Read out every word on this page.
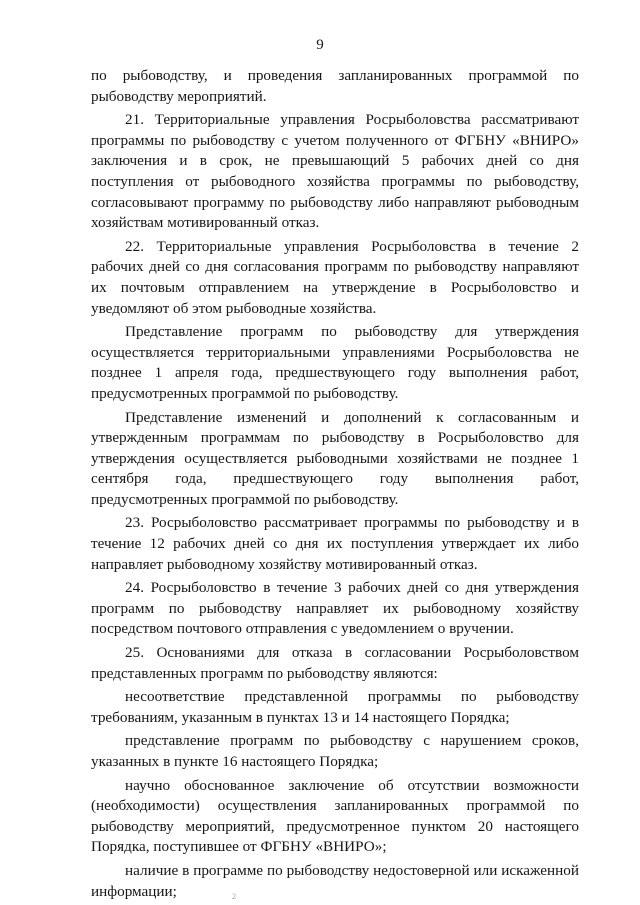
9

по рыбоводству, и проведения запланированных программой по рыбоводству мероприятий.

21. Территориальные управления Росрыболовства рассматривают программы по рыбоводству с учетом полученного от ФГБНУ «ВНИРО» заключения и в срок, не превышающий 5 рабочих дней со дня поступления от рыбоводного хозяйства программы по рыбоводству, согласовывают программу по рыбоводству либо направляют рыбоводным хозяйствам мотивированный отказ.

22. Территориальные управления Росрыболовства в течение 2 рабочих дней со дня согласования программ по рыбоводству направляют их почтовым отправлением на утверждение в Росрыболовство и уведомляют об этом рыбоводные хозяйства.

Представление программ по рыбоводству для утверждения осуществляется территориальными управлениями Росрыболовства не позднее 1 апреля года, предшествующего году выполнения работ, предусмотренных программой по рыбоводству.

Представление изменений и дополнений к согласованным и утвержденным программам по рыбоводству в Росрыболовство для утверждения осуществляется рыбоводными хозяйствами не позднее 1 сентября года, предшествующего году выполнения работ, предусмотренных программой по рыбоводству.

23. Росрыболовство рассматривает программы по рыбоводству и в течение 12 рабочих дней со дня их поступления утверждает их либо направляет рыбоводному хозяйству мотивированный отказ.

24. Росрыболовство в течение 3 рабочих дней со дня утверждения программ по рыбоводству направляет их рыбоводному хозяйству посредством почтового отправления с уведомлением о вручении.

25. Основаниями для отказа в согласовании Росрыболовством представленных программ по рыбоводству являются:

несоответствие представленной программы по рыбоводству требованиям, указанным в пунктах 13 и 14 настоящего Порядка;

представление программ по рыбоводству с нарушением сроков, указанных в пункте 16 настоящего Порядка;

научно обоснованное заключение об отсутствии возможности (необходимости) осуществления запланированных программой по рыбоводству мероприятий, предусмотренное пунктом 20 настоящего Порядка, поступившее от ФГБНУ «ВНИРО»;

наличие в программе по рыбоводству недостоверной или искаженной информации;	2
